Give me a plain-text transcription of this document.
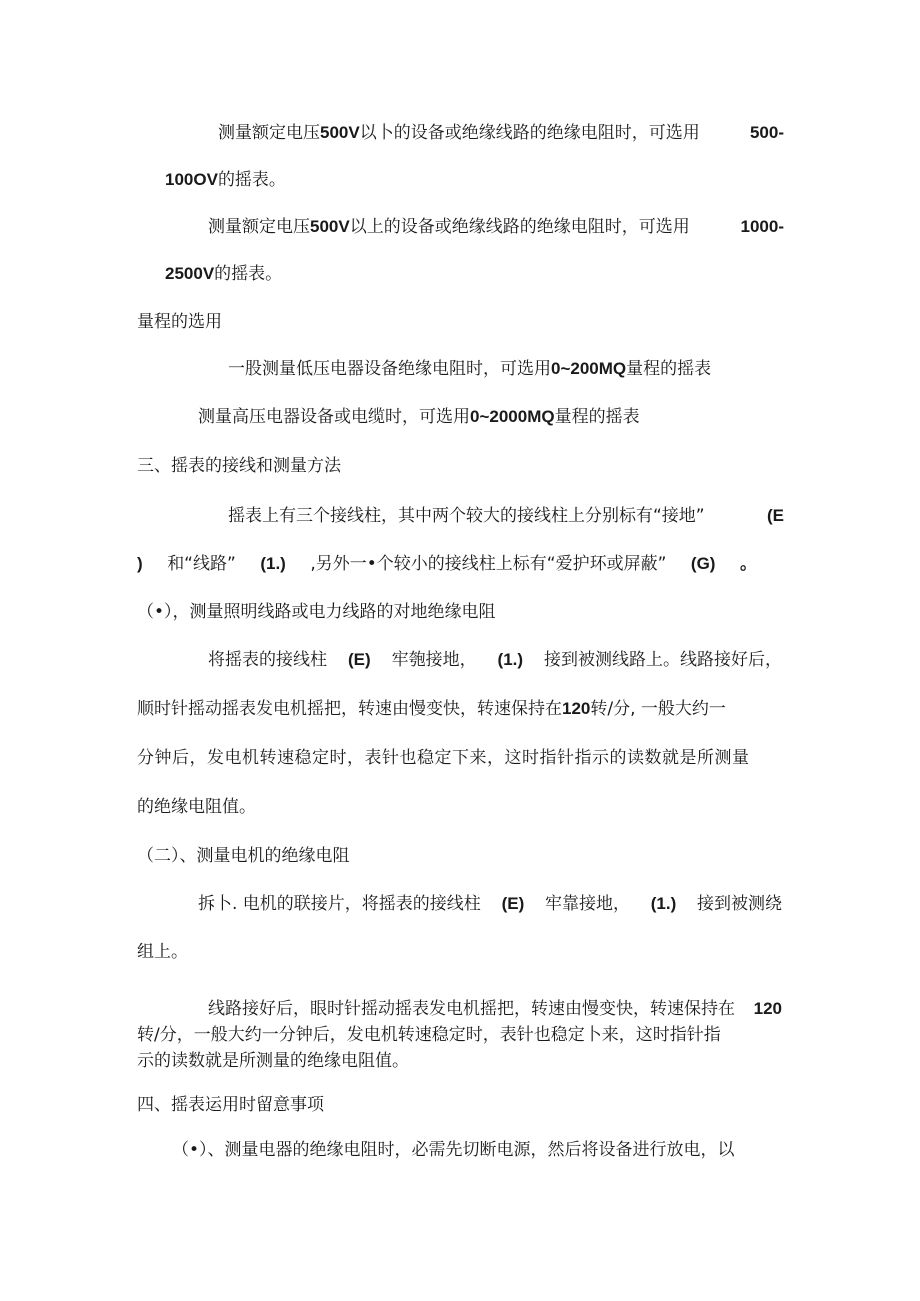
测量额定电压500V以卜的设备或绝缘线路的绝缘电阻时，可选用	500-
100OV的摇表。
测量额定电压500V以上的设备或绝缘线路的绝缘电阻时，可选用	1000-
2500V的摇表。
量程的选用
一股测量低压电器设备绝缘电阻时，可选用0~200MQ量程的摇表
测量高压电器设备或电缆时，可选用0~2000MQ量程的摇表
三、摇表的接线和测量方法
摇表上有三个接线柱，其中两个较大的接线柱上分别标有“接地”	(E
) 和“线路” (1.) ,另外一•个较小的接线柱上标有“爱护环或屏蔽” (G) 。
（•），测量照明线路或电力线路的对地绝缘电阻
将摇表的接线柱 (E) 牢匏接地， (1.) 接到被测线路上。线路接好后，
顺时针摇动摇表发电机摇把，转速由慢变快，转速保持在120转/分, 一般大约一
分钟后，发电机转速稳定时，表针也稳定下来，这时指针指示的读数就是所测量
的绝缘电阻值。
（二）、测量电机的绝缘电阻
拆卜. 电机的联接片，将摇表的接线柱 (E) 牢靠接地， (1.) 接到被测绕
组上。
线路接好后，眼时针摇动摇表发电机摇把，转速由慢变快，转速保持在 120
转/分，一般大约一分钟后，发电机转速稳定时，表针也稳定卜来，这时指针指
示的读数就是所测量的绝缘电阻值。
四、摇表运用时留意事项
（•）、测量电器的绝缘电阻时，必需先切断电源，然后将设备进行放电，以
